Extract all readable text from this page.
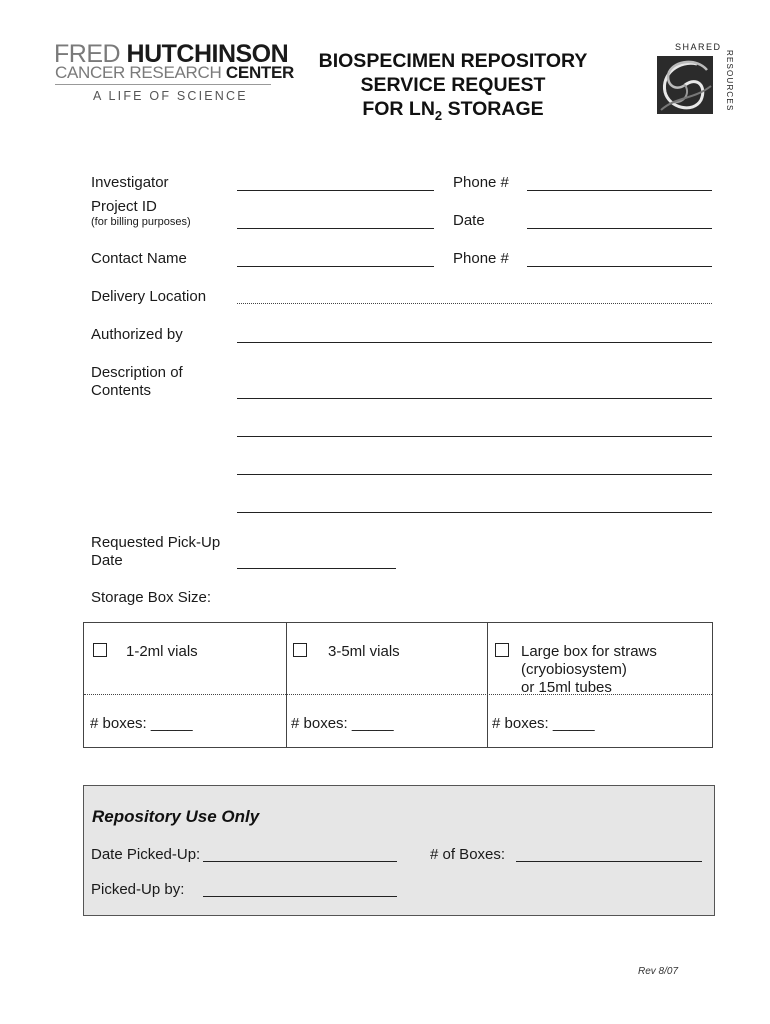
FRED HUTCHINSON
CANCER RESEARCH CENTER
A LIFE OF SCIENCE
BIOSPECIMEN REPOSITORY
SERVICE REQUEST
FOR $LN_2$ STORAGE
SHARED
RESOURCES
Investigator	Phone #
Project ID
(for billing purposes)	Date
Contact Name	Phone #
Delivery Location
Authorized by
Description of
Contents
Requested Pick-Up
Date
Storage Box Size:
1-2ml vials	3-5ml vials	Large box for straws
(cryobiosystem)
or 15ml tubes
# boxes: _____	# boxes: _____	# boxes: _____
Repository Use Only
Date Picked-Up:	# of Boxes:
Picked-Up by:
Rev 8/07
